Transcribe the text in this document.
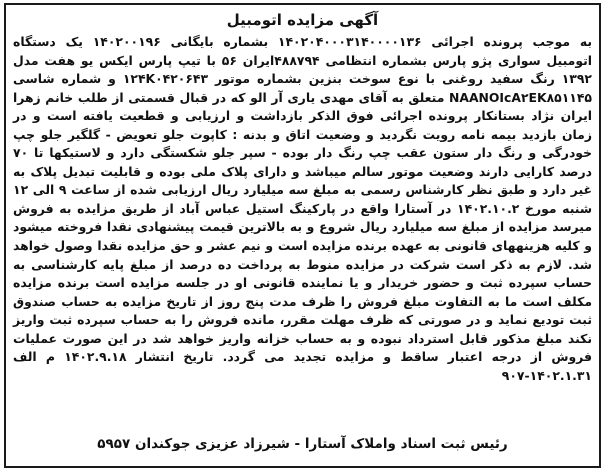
آگهی مزایده اتومبیل
به موجب پرونده اجرائی ۱۴۰۲۰۴۰۰۰۳۱۴۰۰۰۰۱۳۶ بشماره بایگانی ۱۴۰۲۰۰۱۹۶ یک دستگاه اتومبیل سواری پژو پارس بشماره انتظامی ۴۸۸۷۹۴ایران ۵۶ با تیپ پارس ایکس یو هفت مدل ۱۳۹۲ رنگ سفید روغنی با نوع سوخت بنزین بشماره موتور ۱۲۴K۰۴۲۰۶۴۳ و شماره شاسی NAANOIcA۲EK۸۵۱۱۴۵ متعلق به آقای مهدی یاری آر الو که در قبال قسمتی از طلب خانم زهرا ایران نژاد بستانکار پرونده اجرائی فوق الذکر بازداشت و ارزیابی و قطعیت یافته است و در زمان بازدید بیمه نامه رویت نگردید و وضعیت اتاق و بدنه : کاپوت جلو تعویض - گلگیر جلو چپ خودرگی و رنگ دار ستون عقب چپ رنگ دار بوده - سپر جلو شکستگی دارد و لاستیکها تا ۷۰ درصد کارایی دارند وضعیت موتور سالم میباشد و دارای پلاک ملی بوده و قابلیت تبدیل پلاک به غیر دارد و طبق نظر کارشناس رسمی به مبلغ سه میلیارد ریال ارزیابی شده از ساعت ۹ الی ۱۲ شنبه مورخ ۱۴۰۲.۱۰.۲ در آستارا واقع در پارکینگ استیل عباس آباد از طریق مزایده به فروش میرسد مزایده از مبلغ سه میلیارد ریال شروع و به بالاترین قیمت پیشنهادی نقدا فروخته میشود و کلیه هزینههای قانونی به عهده برنده مزایده است و نیم عشر و حق مزایده نقدا وصول خواهد شد. لازم به ذکر است شرکت در مزایده منوط به پرداخت ده درصد از مبلغ پایه کارشناسی به حساب سپرده ثبت و حضور خریدار و یا نماینده قانونی او در جلسه مزایده است برنده مزایده مکلف است ما به التفاوت مبلغ فروش را ظرف مدت پنج روز از تاریخ مزایده به حساب صندوق ثبت تودیع نماید و در صورتی که ظرف مهلت مقرر، مانده فروش را به حساب سپرده ثبت واریز نکند مبلغ مذکور قابل استرداد نبوده و به حساب خزانه واریز خواهد شد در این صورت عملیات فروش از درجه اعتبار ساقط و مزایده تجدید می گردد. تاریخ انتشار ۱۴۰۲.۹.۱۸ م الف ۱۴۰۲.۱.۳۱-۹۰۷
رئیس ثبت اسناد واملاک آستارا - شیرزاد عزیزی جوکندان ۵۹۵۷
